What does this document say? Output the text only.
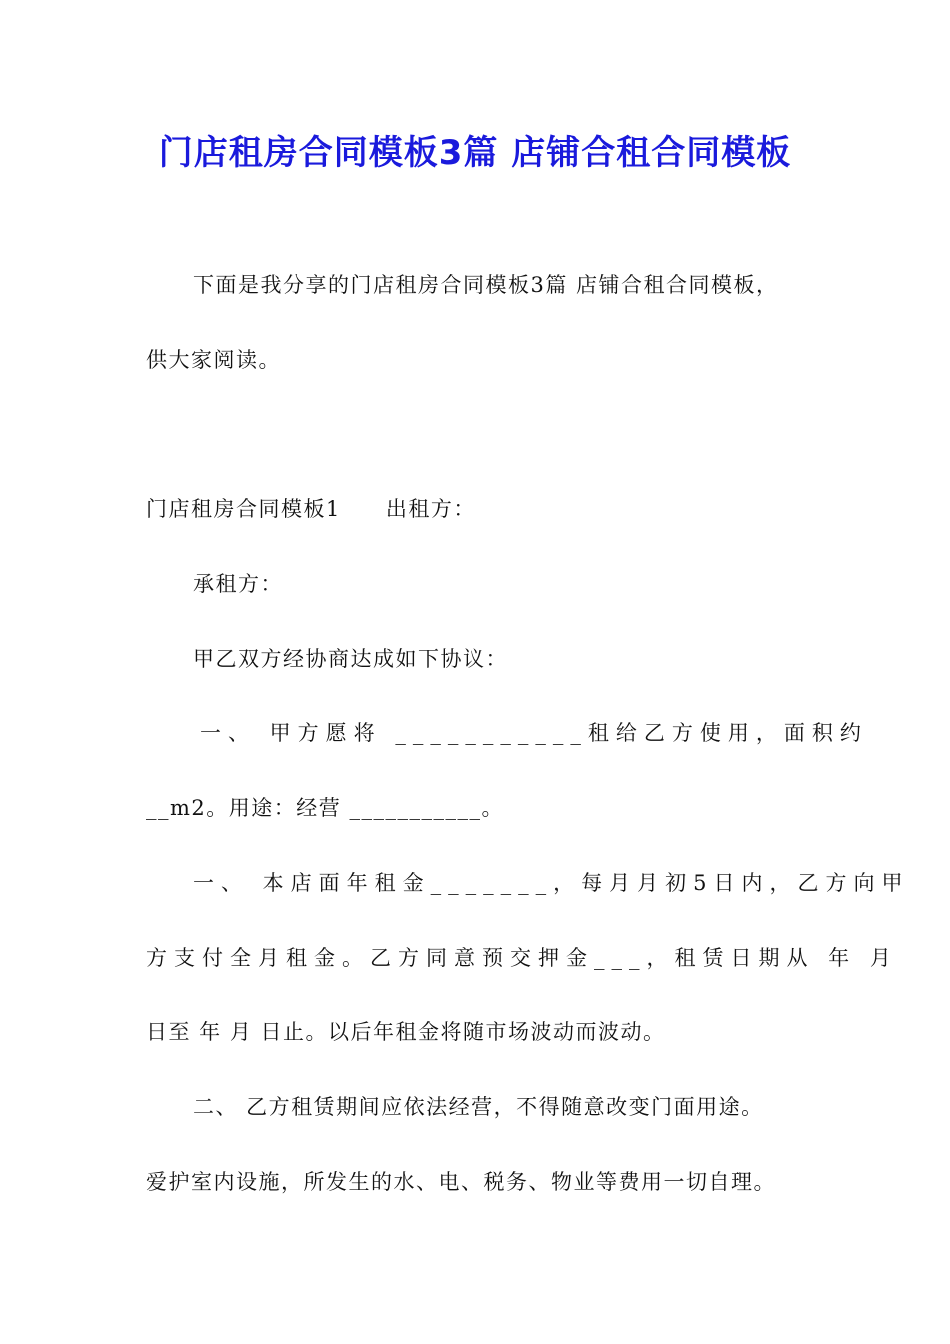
门店租房合同模板3篇 店铺合租合同模板
下面是我分享的门店租房合同模板3篇 店铺合租合同模板，
供大家阅读。
门店租房合同模板1　　出租方：
承租方：
甲乙双方经协商达成如下协议：
一、 甲方愿将 ___________租给乙方使用，面积约
__m2。用途：经营 ___________。
一、 本店面年租金_______，每月月初5日内，乙方向甲
方支付全月租金。乙方同意预交押金___，租赁日期从 年 月
日至 年 月 日止。以后年租金将随市场波动而波动。
二、 乙方租赁期间应依法经营，不得随意改变门面用途。
爱护室内设施，所发生的水、电、税务、物业等费用一切自理。
